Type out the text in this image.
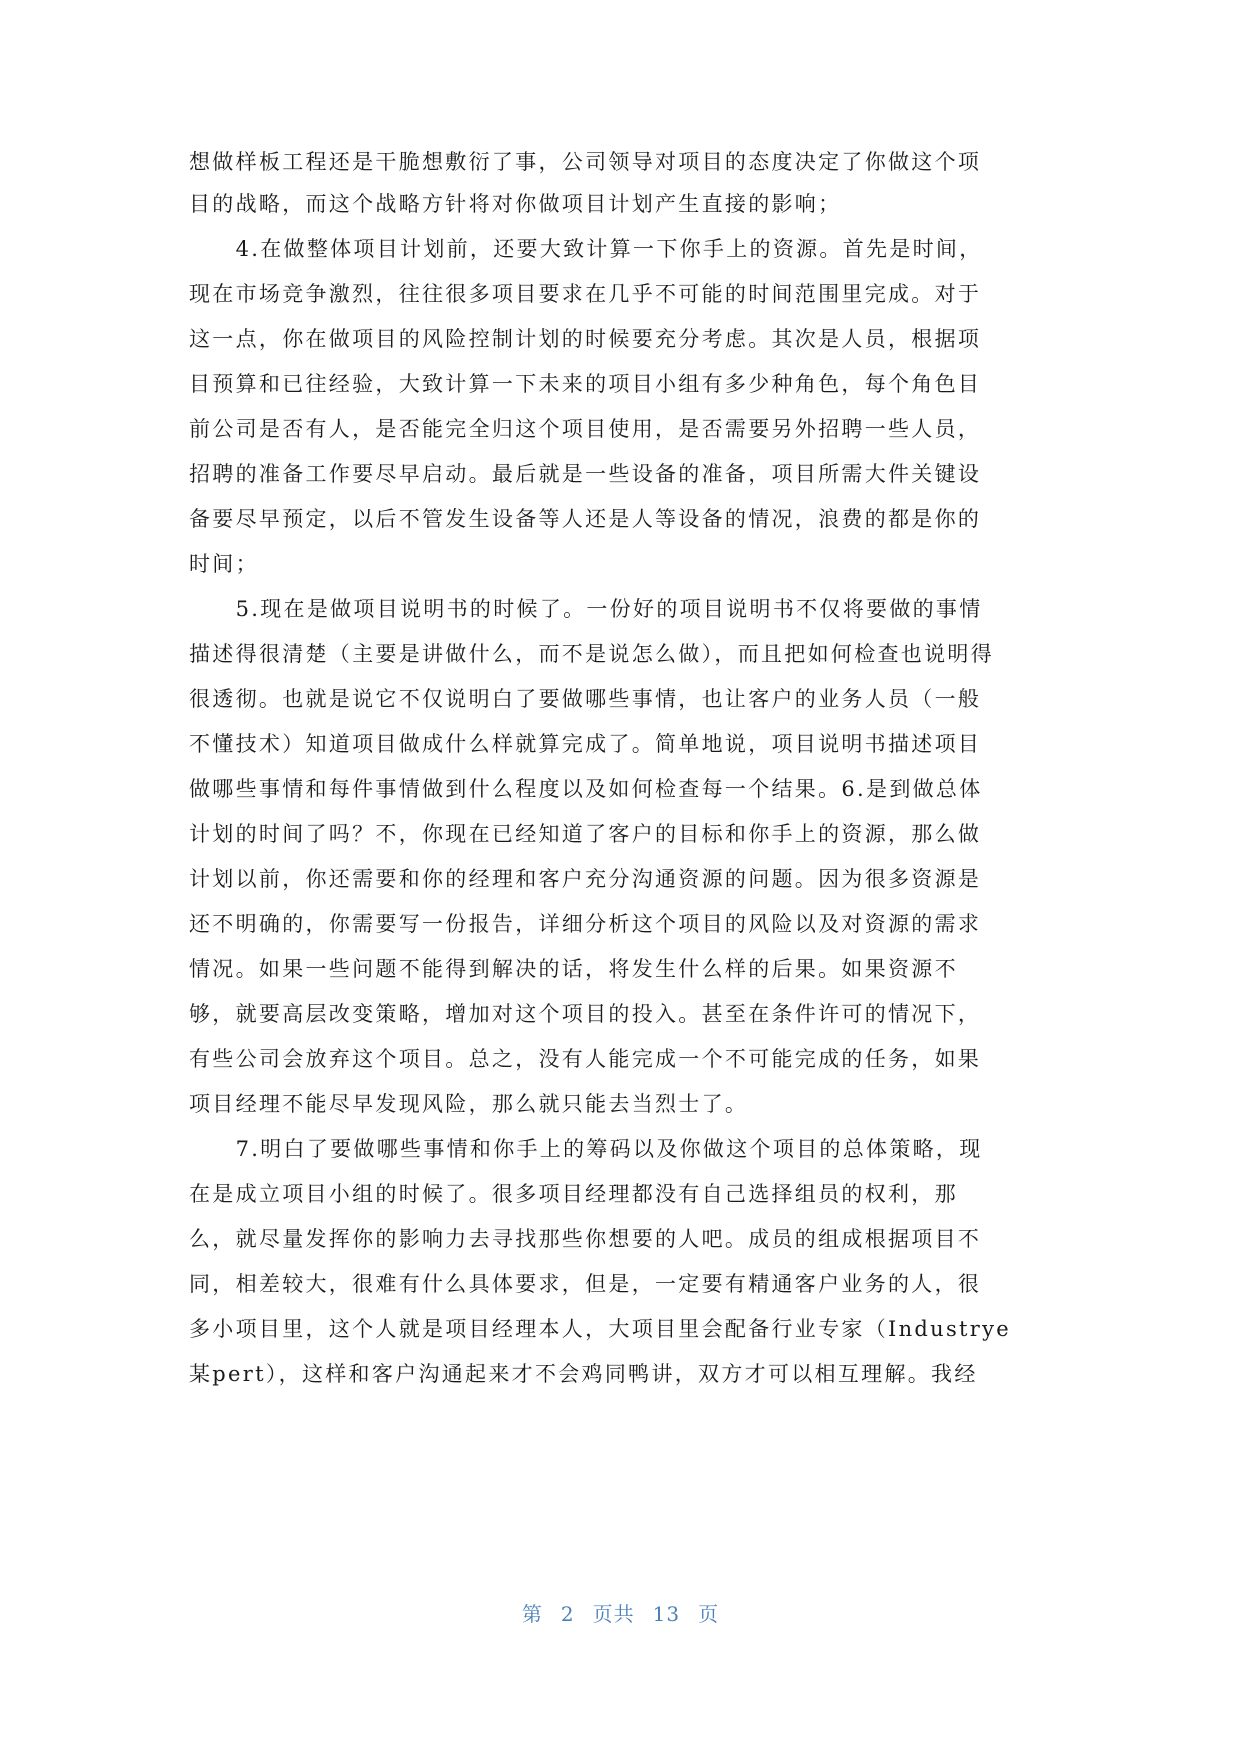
想做样板工程还是干脆想敷衍了事，公司领导对项目的态度决定了你做这个项
目的战略，而这个战略方针将对你做项目计划产生直接的影响；
　　4.在做整体项目计划前，还要大致计算一下你手上的资源。首先是时间，
现在市场竞争激烈，往往很多项目要求在几乎不可能的时间范围里完成。对于
这一点，你在做项目的风险控制计划的时候要充分考虑。其次是人员，根据项
目预算和已往经验，大致计算一下未来的项目小组有多少种角色，每个角色目
前公司是否有人，是否能完全归这个项目使用，是否需要另外招聘一些人员，
招聘的准备工作要尽早启动。最后就是一些设备的准备，项目所需大件关键设
备要尽早预定，以后不管发生设备等人还是人等设备的情况，浪费的都是你的
时间；
　　5.现在是做项目说明书的时候了。一份好的项目说明书不仅将要做的事情
描述得很清楚（主要是讲做什么，而不是说怎么做），而且把如何检查也说明得
很透彻。也就是说它不仅说明白了要做哪些事情，也让客户的业务人员（一般
不懂技术）知道项目做成什么样就算完成了。简单地说，项目说明书描述项目
做哪些事情和每件事情做到什么程度以及如何检查每一个结果。6.是到做总体
计划的时间了吗？不，你现在已经知道了客户的目标和你手上的资源，那么做
计划以前，你还需要和你的经理和客户充分沟通资源的问题。因为很多资源是
还不明确的，你需要写一份报告，详细分析这个项目的风险以及对资源的需求
情况。如果一些问题不能得到解决的话，将发生什么样的后果。如果资源不
够，就要高层改变策略，增加对这个项目的投入。甚至在条件许可的情况下，
有些公司会放弃这个项目。总之，没有人能完成一个不可能完成的任务，如果
项目经理不能尽早发现风险，那么就只能去当烈士了。
　　7.明白了要做哪些事情和你手上的筹码以及你做这个项目的总体策略，现
在是成立项目小组的时候了。很多项目经理都没有自己选择组员的权利，那
么，就尽量发挥你的影响力去寻找那些你想要的人吧。成员的组成根据项目不
同，相差较大，很难有什么具体要求，但是，一定要有精通客户业务的人，很
多小项目里，这个人就是项目经理本人，大项目里会配备行业专家（Industrye
某pert），这样和客户沟通起来才不会鸡同鸭讲，双方才可以相互理解。我经
第 2 页共 13 页
